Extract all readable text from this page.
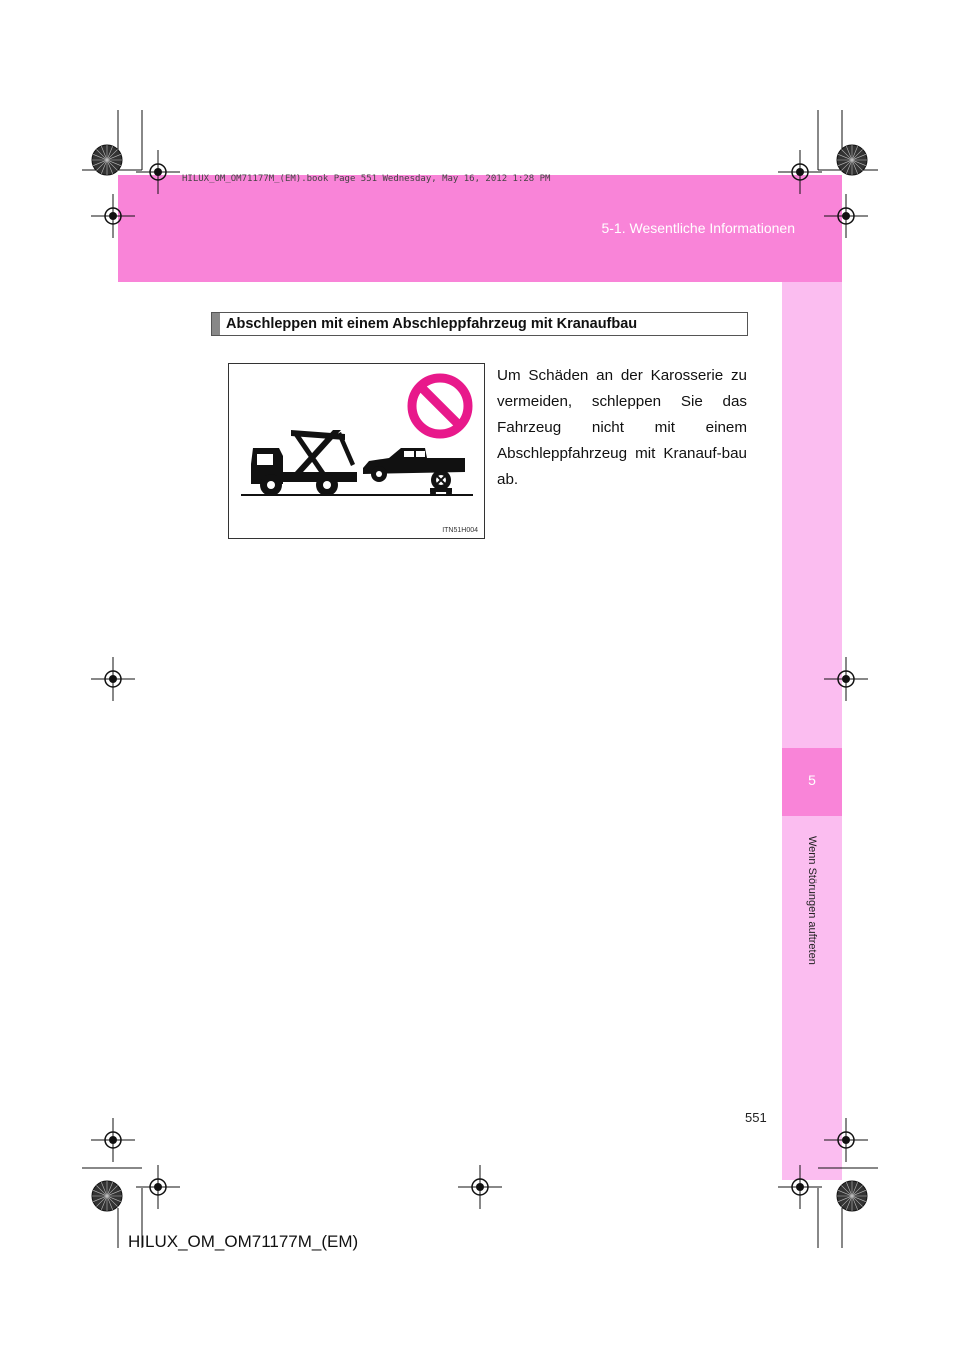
5-1. Wesentliche Informationen
HILUX_OM_OM71177M_(EM).book Page 551 Wednesday, May 16, 2012 1:28 PM
5
Wenn Störungen auftreten
Abschleppen mit einem Abschleppfahrzeug mit Kranaufbau
ITN51H004
Um Schäden an der Karosserie zu vermeiden, schleppen Sie das Fahrzeug nicht mit einem Abschleppfahrzeug mit Kranauf-bau ab.
551
HILUX_OM_OM71177M_(EM)
